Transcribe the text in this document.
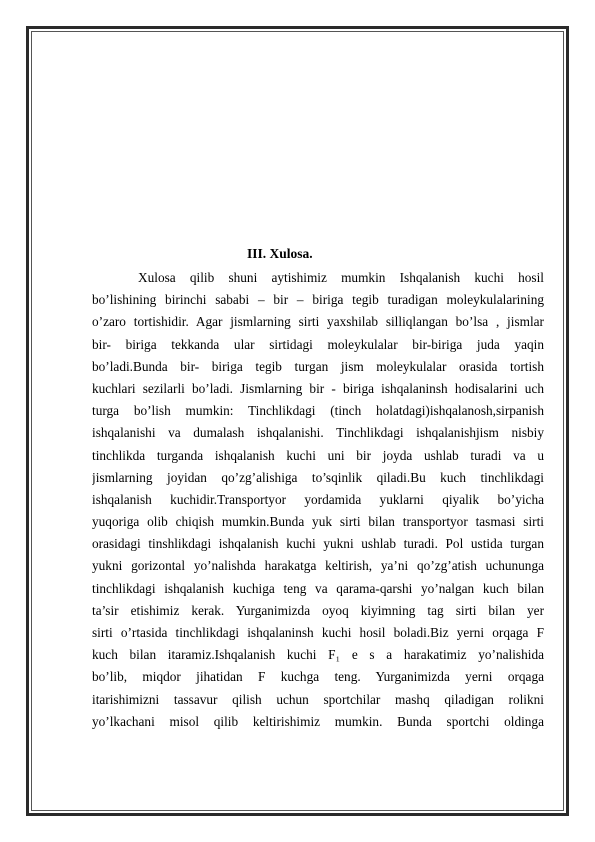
III. Xulosa.
Xulosa qilib shuni aytishimiz mumkin Ishqalanish kuchi hosil
bo’lishining birinchi sababi – bir – biriga tegib turadigan moleykulalarining
o’zaro tortishidir. Agar jismlarning sirti yaxshilab silliqlangan bo’lsa , jismlar
bir- biriga tekkanda ular sirtidagi moleykulalar bir-biriga juda yaqin
bo’ladi.Bunda bir- biriga tegib turgan jism moleykulalar orasida tortish
kuchlari sezilarli bo’ladi. Jismlarning bir - biriga ishqalaninsh hodisalarini uch
turga bo’lish mumkin: Tinchlikdagi (tinch holatdagi)ishqalanosh,sirpanish
ishqalanishi va dumalash ishqalanishi. Tinchlikdagi ishqalanishjism nisbiy
tinchlikda turganda ishqalanish kuchi uni bir joyda ushlab turadi va u
jismlarning joyidan qo’zg’alishiga to’sqinlik qiladi.Bu kuch tinchlikdagi
ishqalanish kuchidir.Transportyor yordamida yuklarni qiyalik bo’yicha
yuqoriga olib chiqish mumkin.Bunda yuk sirti bilan transportyor tasmasi sirti
orasidagi tinshlikdagi ishqalanish kuchi yukni ushlab turadi. Pol ustida turgan
yukni gorizontal yo’nalishda harakatga keltirish, ya’ni qo’zg’atish uchununga
tinchlikdagi ishqalanish kuchiga teng va qarama-qarshi yo’nalgan kuch bilan
ta’sir etishimiz kerak. Yurganimizda oyoq kiyimning tag sirti bilan yer
sirti o’rtasida tinchlikdagi ishqalaninsh kuchi hosil boladi.Biz yerni orqaga F
kuch bilan itaramiz.Ishqalanish kuchi F₁ e s a harakatimiz yo’nalishida
bo’lib, miqdor jihatidan F kuchga teng. Yurganimizda yerni orqaga
itarishimizni tassavur qilish uchun sportchilar mashq qiladigan rolikni
yo’lkachani misol qilib keltirishimiz mumkin. Bunda sportchi oldinga
